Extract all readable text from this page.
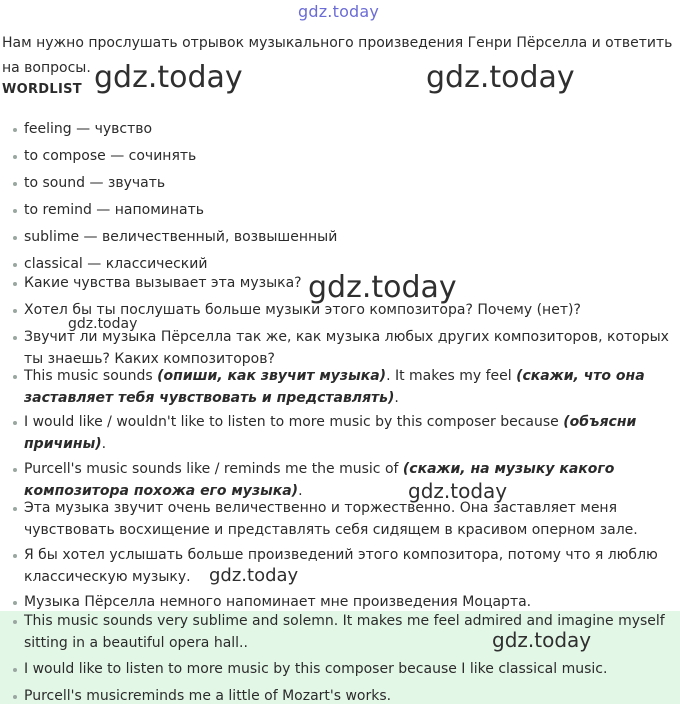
gdz.today
Нам нужно прослушать отрывок музыкального произведения Генри Пёрселла и ответить на вопросы.
WORDLIST
feeling — чувство
to compose — сочинять
to sound — звучать
to remind — напоминать
sublime — величественный, возвышенный
classical — классический
Какие чувства вызывает эта музыка?
Хотел бы ты послушать больше музыки этого композитора? Почему (нет)?
Звучит ли музыка Пёрселла так же, как музыка любых других композиторов, которых ты знаешь? Каких композиторов?
This music sounds (опиши, как звучит музыка). It makes my feel (скажи, что она заставляет тебя чувствовать и представлять).
I would like / wouldn't like to listen to more music by this composer because (объясни причины).
Purcell's music sounds like / reminds me the music of (скажи, на музыку какого композитора похожа его музыка).
Эта музыка звучит очень величественно и торжественно. Она заставляет меня чувствовать восхищение и представлять себя сидящем в красивом оперном зале.
Я бы хотел услышать больше произведений этого композитора, потому что я люблю классическую музыку.
Музыка Пёрселла немного напоминает мне произведения Моцарта.
This music sounds very sublime and solemn. It makes me feel admired and imagine myself sitting in a beautiful opera hall..
I would like to listen to more music by this composer because I like classical music.
Purcell's musicreminds me a little of Mozart's works.
gdz.today	gdz.today
gdz.today
gdz.today
gdz.today
gdz.today
gdz.today
